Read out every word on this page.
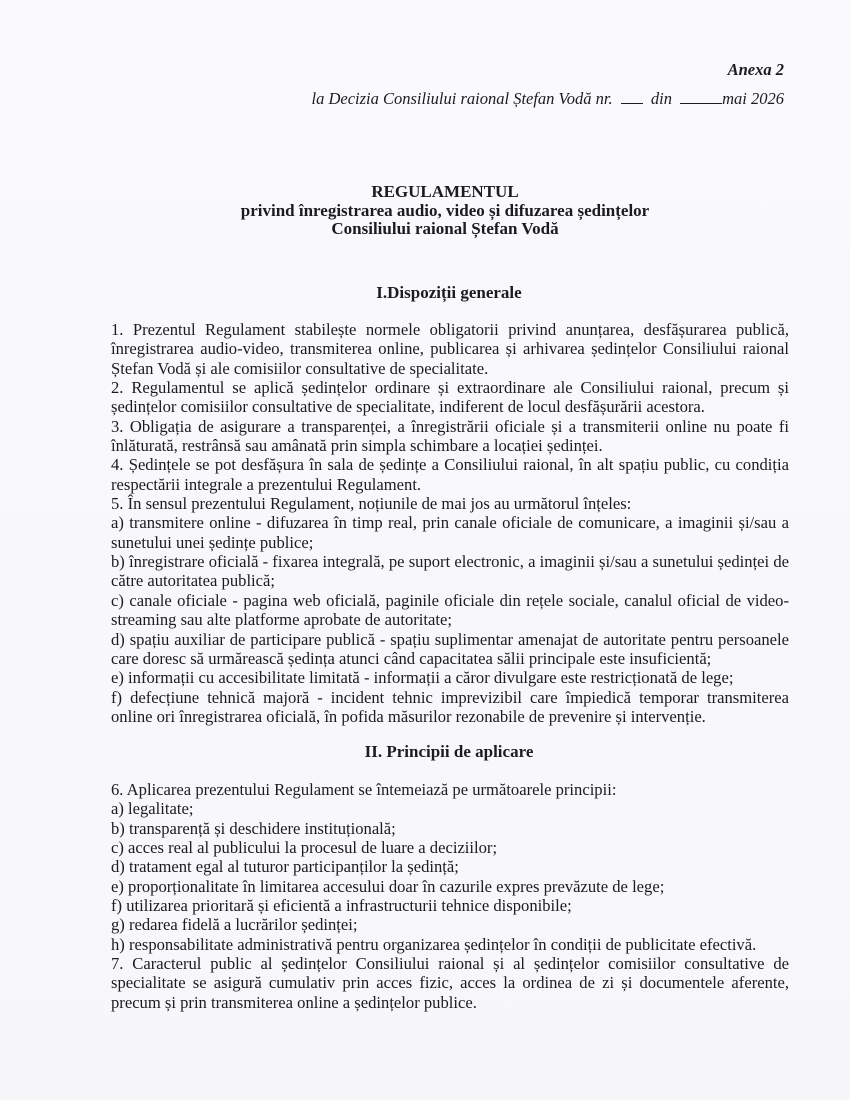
Anexa 2
la Decizia Consiliului raional Ștefan Vodă nr. din	mai 2026
REGULAMENTUL
privind înregistrarea audio, video și difuzarea ședințelor
Consiliului raional Ștefan Vodă
I.Dispoziții generale

1. Prezentul Regulament stabilește normele obligatorii privind anunțarea, desfășurarea publică, înregistrarea audio-video, transmiterea online, publicarea și arhivarea ședințelor Consiliului raional Ștefan Vodă și ale comisiilor consultative de specialitate.

2. Regulamentul se aplică ședințelor ordinare și extraordinare ale Consiliului raional, precum și ședințelor comisiilor consultative de specialitate, indiferent de locul desfășurării acestora.

3. Obligația de asigurare a transparenței, a înregistrării oficiale și a transmiterii online nu poate fi înlăturată, restrânsă sau amânată prin simpla schimbare a locației ședinței.

4. Ședințele se pot desfășura în sala de ședințe a Consiliului raional, în alt spațiu public, cu condiția respectării integrale a prezentului Regulament.

5. În sensul prezentului Regulament, noțiunile de mai jos au următorul înțeles:

a) transmitere online - difuzarea în timp real, prin canale oficiale de comunicare, a imaginii și/sau a sunetului unei ședințe publice;

b) înregistrare oficială - fixarea integrală, pe suport electronic, a imaginii și/sau a sunetului ședinței de către autoritatea publică;

c) canale oficiale - pagina web oficială, paginile oficiale din rețele sociale, canalul oficial de video-streaming sau alte platforme aprobate de autoritate;

d) spațiu auxiliar de participare publică - spațiu suplimentar amenajat de autoritate pentru persoanele care doresc să urmărească ședința atunci când capacitatea sălii principale este insuficientă;

e) informații cu accesibilitate limitată - informații a căror divulgare este restricționată de lege;

f) defecțiune tehnică majoră - incident tehnic imprevizibil care împiedică temporar transmiterea online ori înregistrarea oficială, în pofida măsurilor rezonabile de prevenire și intervenție.

II. Principii de aplicare

6. Aplicarea prezentului Regulament se întemeiază pe următoarele principii:

a) legalitate;

b) transparență și deschidere instituțională;

c) acces real al publicului la procesul de luare a deciziilor;

d) tratament egal al tuturor participanților la ședință;

e) proporționalitate în limitarea accesului doar în cazurile expres prevăzute de lege;

f) utilizarea prioritară și eficientă a infrastructurii tehnice disponibile;

g) redarea fidelă a lucrărilor ședinței;

h) responsabilitate administrativă pentru organizarea ședințelor în condiții de publicitate efectivă.

7. Caracterul public al ședințelor Consiliului raional și al ședințelor comisiilor consultative de specialitate se asigură cumulativ prin acces fizic, acces la ordinea de zi și documentele aferente, precum și prin transmiterea online a ședințelor publice.
